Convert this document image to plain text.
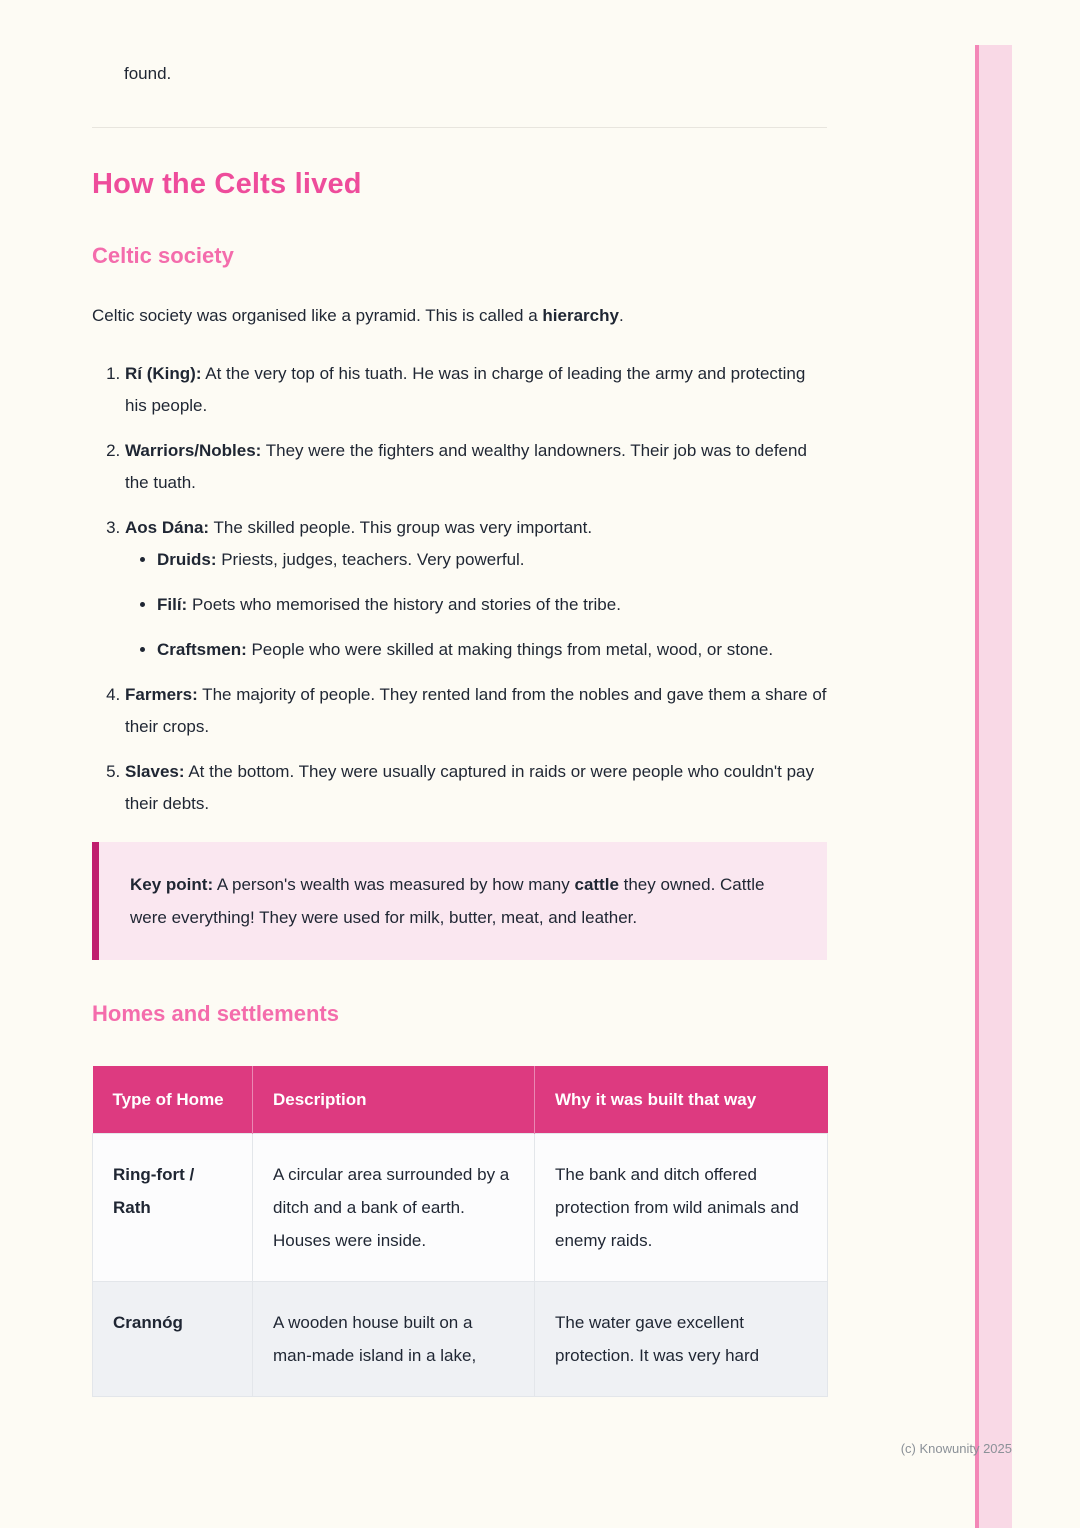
(c) Knowunity 2025

found.

How the Celts lived
Celtic society

Celtic society was organised like a pyramid. This is called a hierarchy.

1. Rí (King): At the very top of his tuath. He was in charge of leading the army and protecting his people.
2. Warriors/Nobles: They were the fighters and wealthy landowners. Their job was to defend the tuath.
3. Aos Dána: The skilled people. This group was very important.
• Druids: Priests, judges, teachers. Very powerful.
• Filí: Poets who memorised the history and stories of the tribe.
• Craftsmen: People who were skilled at making things from metal, wood, or stone.
4. Farmers: The majority of people. They rented land from the nobles and gave them a share of their crops.
5. Slaves: At the bottom. They were usually captured in raids or were people who couldn't pay their debts.

Key point: A person's wealth was measured by how many cattle they owned. Cattle were everything! They were used for milk, butter, meat, and leather.

Homes and settlements
Type of Home	Description	Why it was built that way
Ring-fort / Rath	A circular area surrounded by a ditch and a bank of earth. Houses were inside.	The bank and ditch offered protection from wild animals and enemy raids.
Crannóg	A wooden house built on a man-made island in a lake,	The water gave excellent protection. It was very hard
